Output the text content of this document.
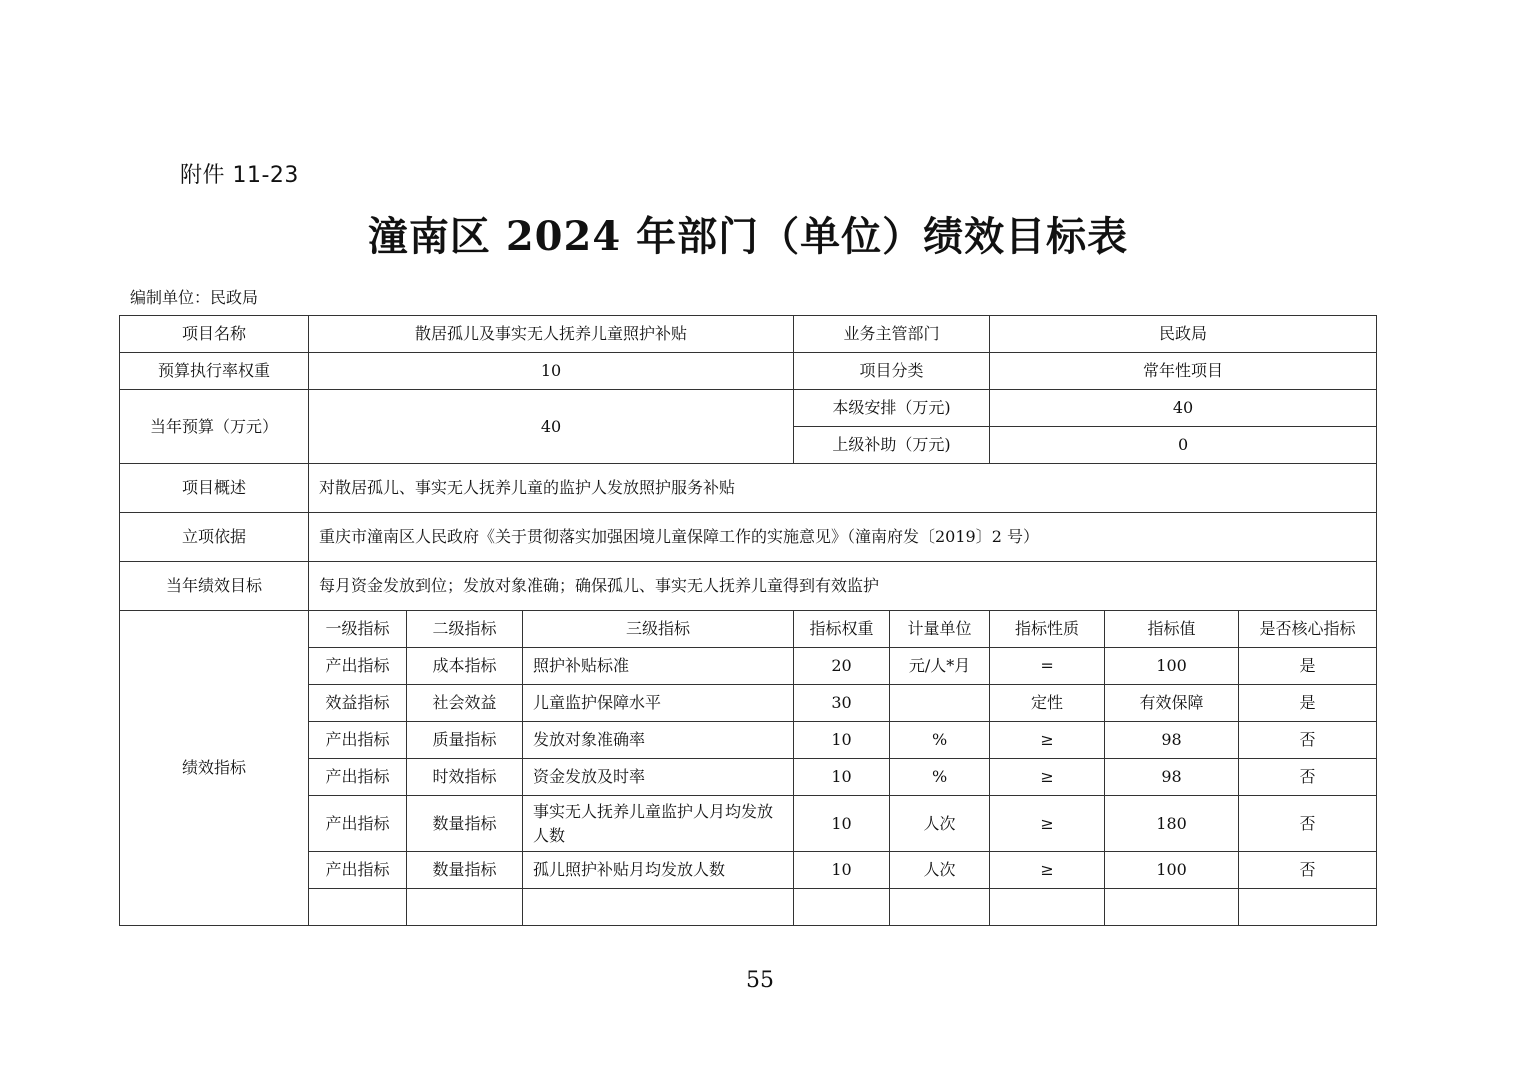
附件 11-23
潼南区 2024 年部门（单位）绩效目标表
编制单位：民政局
项目名称	散居孤儿及事实无人抚养儿童照护补贴			业务主管部门		民政局		
预算执行率权重	10			项目分类		常年性项目		
当年预算（万元）	40			本级安排（万元)		40		
				上级补助（万元)		0		
项目概述	对散居孤儿、事实无人抚养儿童的监护人发放照护服务补贴							
立项依据	重庆市潼南区人民政府《关于贯彻落实加强困境儿童保障工作的实施意见》（潼南府发〔2019〕2 号）							
当年绩效目标	每月资金发放到位；发放对象准确；确保孤儿、事实无人抚养儿童得到有效监护							
绩效指标	一级指标	二级指标	三级指标	指标权重	计量单位	指标性质	指标值	是否核心指标
	产出指标	成本指标	照护补贴标准	20	元/人*月	=	100	是
	效益指标	社会效益	儿童监护保障水平	30		定性	有效保障	是
	产出指标	质量指标	发放对象准确率	10	%	≥	98	否
	产出指标	时效指标	资金发放及时率	10	%	≥	98	否
	产出指标	数量指标	事实无人抚养儿童监护人月均发放人数	10	人次	≥	180	否
	产出指标	数量指标	孤儿照护补贴月均发放人数	10	人次	≥	100	否

55
